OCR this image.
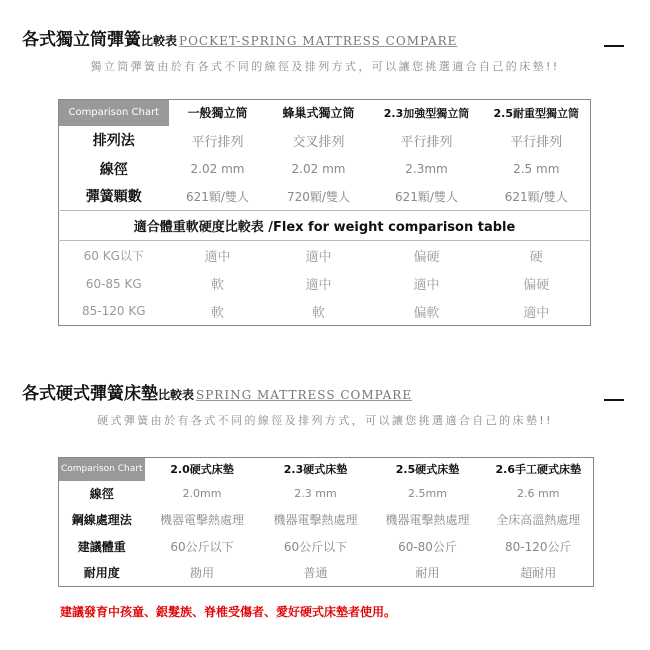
各式獨立筒彈簧比較表 POCKET-SPRING MATTRESS COMPARE
獨立筒彈簧由於有各式不同的線徑及排列方式，可以讓您挑選適合自己的床墊!!
Comparison Chart	一般獨立筒	蜂巢式獨立筒	2.3加強型獨立筒	2.5耐重型獨立筒
排列法	平行排列	交叉排列	平行排列	平行排列
線徑	2.02 mm	2.02 mm	2.3mm	2.5 mm
彈簧顆數	621顆/雙人	720顆/雙人	621顆/雙人	621顆/雙人
適合體重軟硬度比較表 /Flex for weight comparison table				
60 KG以下	適中	適中	偏硬	硬
60-85 KG	軟	適中	適中	偏硬
85-120 KG	軟	軟	偏軟	適中
各式硬式彈簧床墊比較表 SPRING MATTRESS COMPARE
硬式彈簧由於有各式不同的線徑及排列方式，可以讓您挑選適合自己的床墊!!
Comparison Chart	2.0硬式床墊	2.3硬式床墊	2.5硬式床墊	2.6手工硬式床墊
線徑	2.0mm	2.3 mm	2.5mm	2.6 mm
鋼線處理法	機器電擊熱處理	機器電擊熱處理	機器電擊熱處理	全床高溫熱處理
建議體重	60公斤以下	60公斤以下	60-80公斤	80-120公斤
耐用度	勘用	普通	耐用	超耐用
建議發育中孩童、銀髮族、脊椎受傷者、愛好硬式床墊者使用。
